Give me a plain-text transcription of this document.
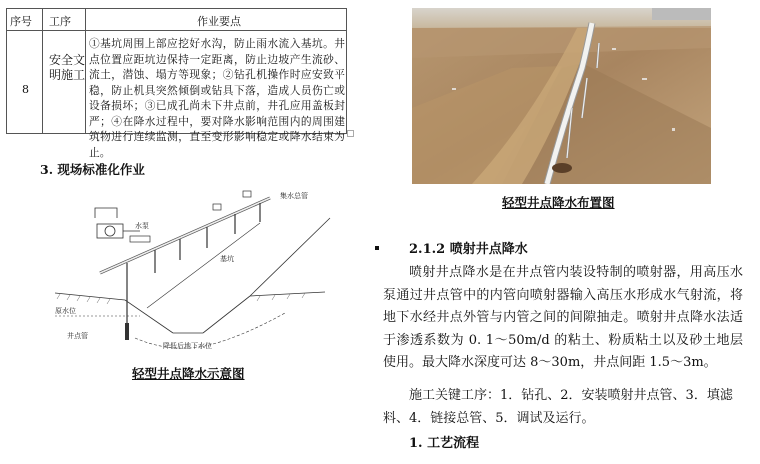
序号 工序	作业要点
8
安全文明施工
①基坑周围上部应挖好水沟，防止雨水流入基坑。井点位置应距坑边保持一定距离，防止边坡产生流砂、流土，潜蚀、塌方等现象；②钻孔机操作时应安致平稳，防止机具突然倾倒或钻具下落，造成人员伤亡或设备损坏；③已成孔尚未下井点前，井孔应用盖板封严；④在降水过程中，要对降水影响范围内的周围建筑物进行连续监测，直至变形影响稳定或降水结束为止。
3. 现场标准化作业
水泵
集水总管
基坑
原水位
井点管
降低后地下水位
轻型井点降水示意图
轻型井点降水布置图
2.1.2 喷射井点降水
喷射井点降水是在井点管内装设特制的喷射器，用高压水泵通过井点管中的内管向喷射器输入高压水形成水气射流，将地下水经井点外管与内管之间的间隙抽走。喷射井点降水法适于渗透系数为 0. 1～50m/d 的粘土、粉质粘土以及砂土地层使用。最大降水深度可达 8～30m，井点间距 1.5～3m。
施工关键工序：1．钻孔、2．安装喷射井点管、3．填滤料、4．链接总管、5．调试及运行。
1. 工艺流程
